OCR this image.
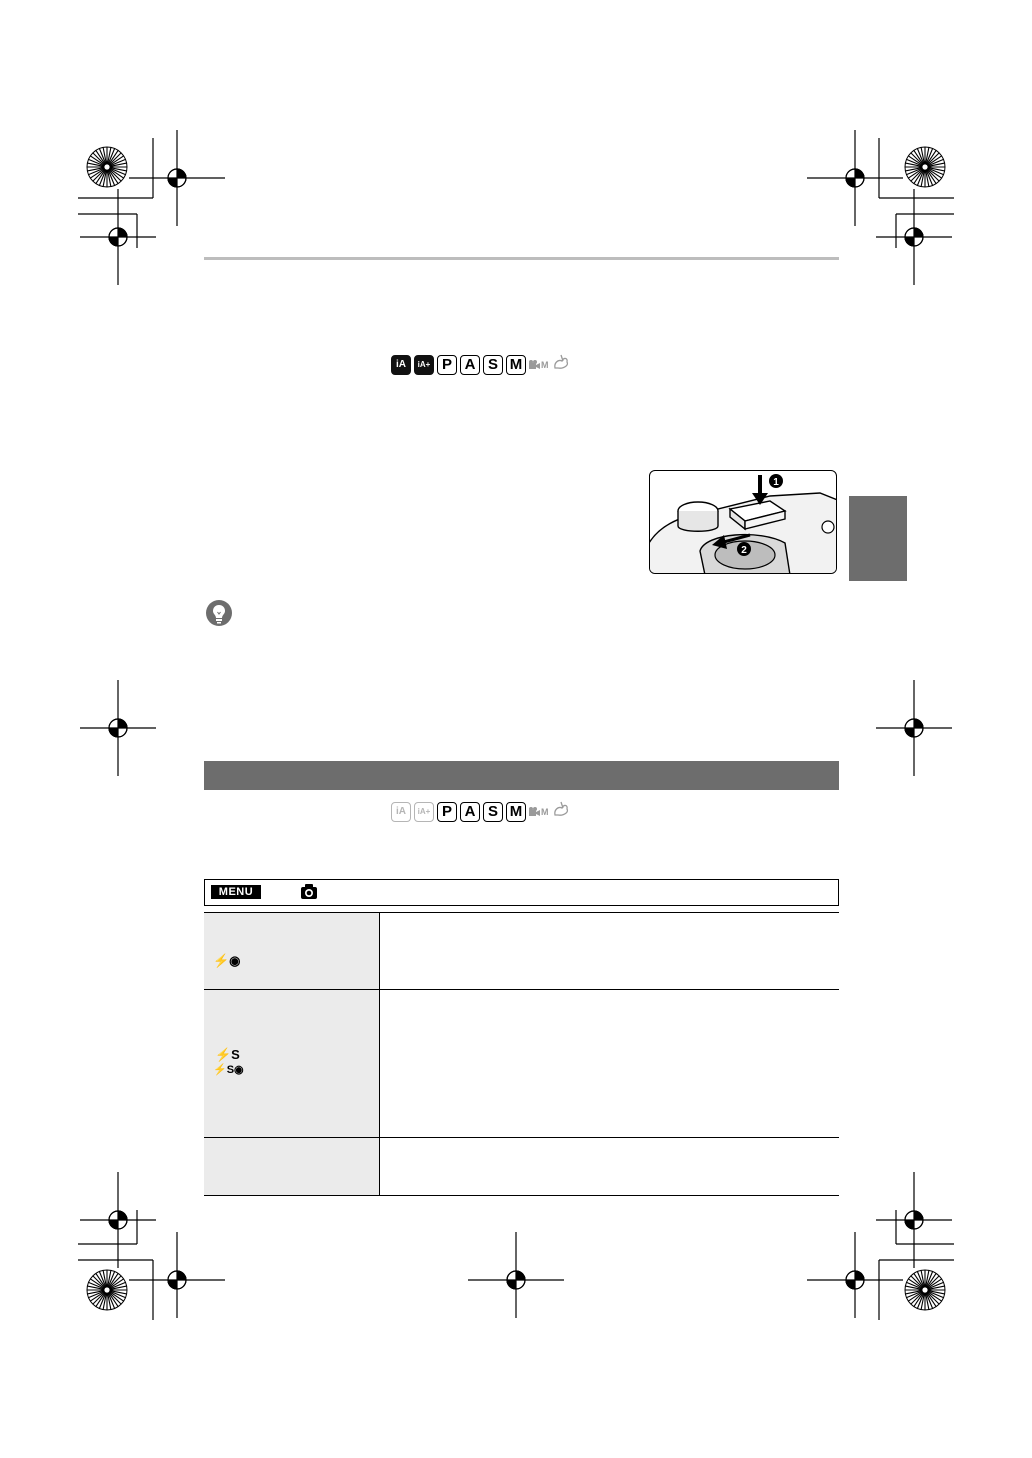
iA iA+ P A S M M
1
2
iA iA+ P A S M M
MENU
⚡◉	

⚡S
⚡S◉	
